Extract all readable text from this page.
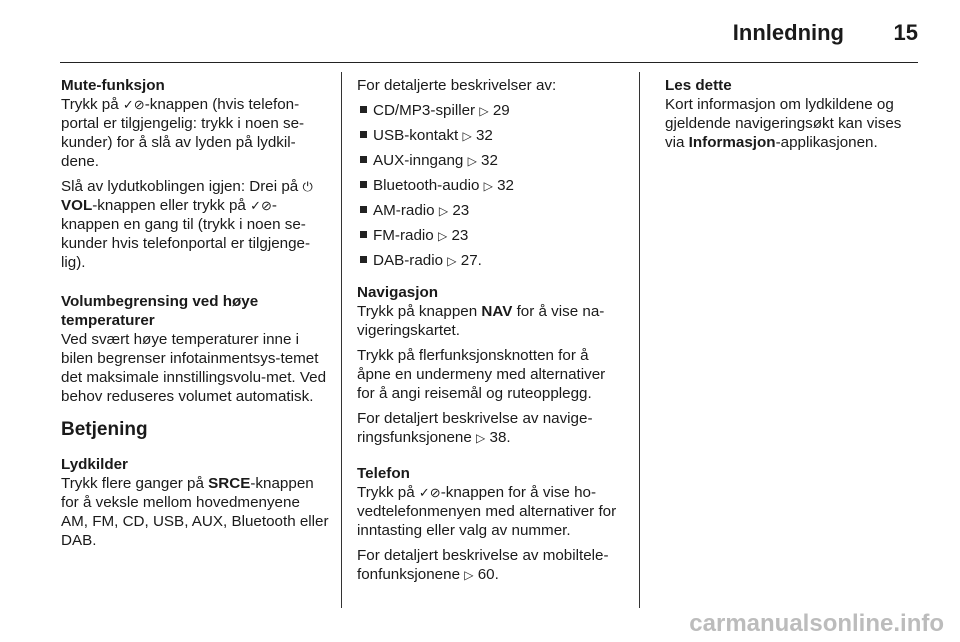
Innledning 15

Mute-funksjon

Trykk på ✓⊘-knappen (hvis telefon-portal er tilgjengelig: trykk i noen se-kunder) for å slå av lyden på lydkil-dene.

Slå av lydutkoblingen igjen: Drei på ⏻ VOL-knappen eller trykk på ✓⊘-knappen en gang til (trykk i noen se-kunder hvis telefonportal er tilgjenge-lig).

Volumbegrensing ved høye temperaturer

Ved svært høye temperaturer inne i bilen begrenser infotainmentsys-temet det maksimale innstillingsvolu-met. Ved behov reduseres volumet automatisk.

Betjening

Lydkilder

Trykk flere ganger på SRCE-knappen for å veksle mellom hovedmenyene AM, FM, CD, USB, AUX, Bluetooth eller DAB.

For detaljerte beskrivelser av:

CD/MP3-spiller ▷ 29
USB-kontakt ▷ 32
AUX-inngang ▷ 32
Bluetooth-audio ▷ 32
AM-radio ▷ 23
FM-radio ▷ 23
DAB-radio ▷ 27.

Navigasjon

Trykk på knappen NAV for å vise na-vigeringskartet.

Trykk på flerfunksjonsknotten for å åpne en undermeny med alternativer for å angi reisemål og ruteopplegg.

For detaljert beskrivelse av navige-ringsfunksjonene ▷ 38.

Telefon

Trykk på ✓⊘-knappen for å vise ho-vedtelefonmenyen med alternativer for inntasting eller valg av nummer.

For detaljert beskrivelse av mobiltele-fonfunksjonene ▷ 60.

Les dette

Kort informasjon om lydkildene og gjeldende navigeringsøkt kan vises via Informasjon-applikasjonen.

carmanualsonline.info
